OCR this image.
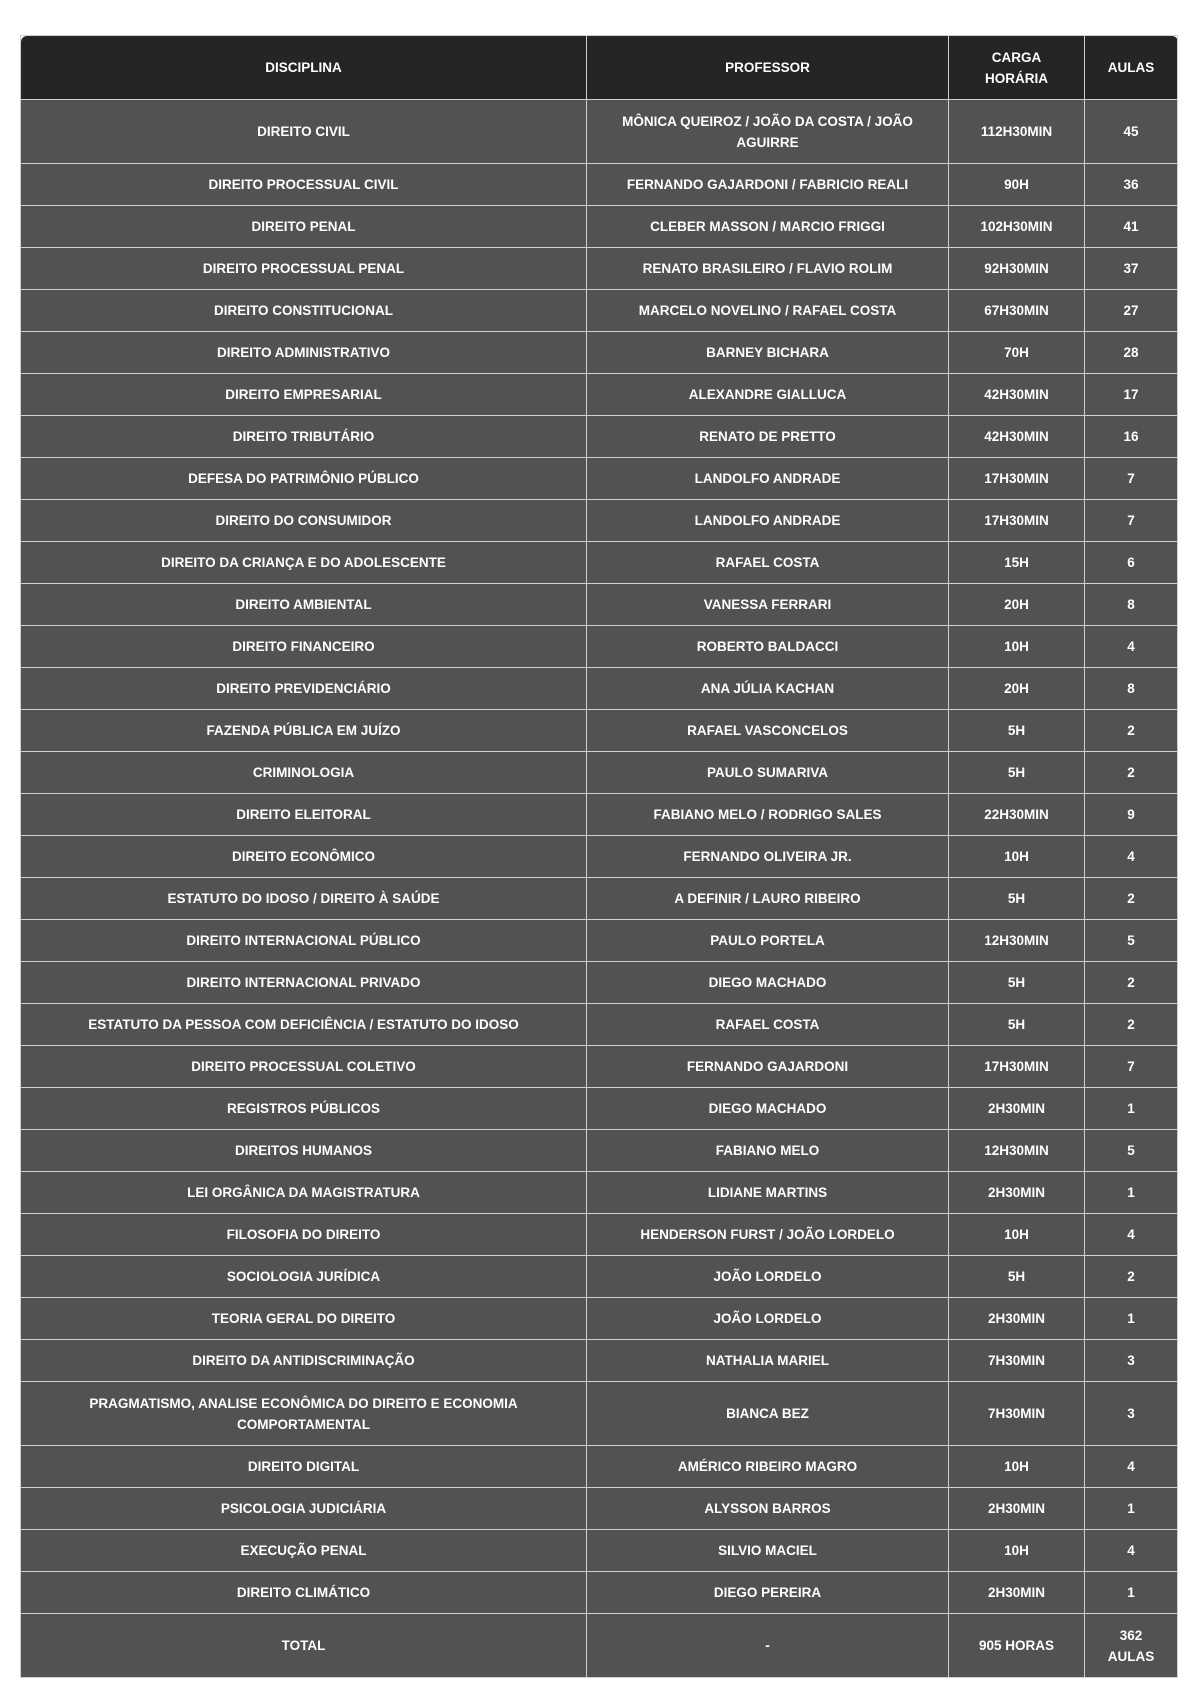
DISCIPLINA	PROFESSOR	CARGA HORÁRIA	AULAS
DIREITO CIVIL	MÔNICA QUEIROZ / JOÃO DA COSTA / JOÃO AGUIRRE	112H30MIN	45
DIREITO PROCESSUAL CIVIL	FERNANDO GAJARDONI / FABRICIO REALI	90H	36
DIREITO PENAL	CLEBER MASSON / MARCIO FRIGGI	102H30MIN	41
DIREITO PROCESSUAL PENAL	RENATO BRASILEIRO / FLAVIO ROLIM	92H30MIN	37
DIREITO CONSTITUCIONAL	MARCELO NOVELINO / RAFAEL COSTA	67H30MIN	27
DIREITO ADMINISTRATIVO	BARNEY BICHARA	70H	28
DIREITO EMPRESARIAL	ALEXANDRE GIALLUCA	42H30MIN	17
DIREITO TRIBUTÁRIO	RENATO DE PRETTO	42H30MIN	16
DEFESA DO PATRIMÔNIO PÚBLICO	LANDOLFO ANDRADE	17H30MIN	7
DIREITO DO CONSUMIDOR	LANDOLFO ANDRADE	17H30MIN	7
DIREITO DA CRIANÇA E DO ADOLESCENTE	RAFAEL COSTA	15H	6
DIREITO AMBIENTAL	VANESSA FERRARI	20H	8
DIREITO FINANCEIRO	ROBERTO BALDACCI	10H	4
DIREITO PREVIDENCIÁRIO	ANA JÚLIA KACHAN	20H	8
FAZENDA PÚBLICA EM JUÍZO	RAFAEL VASCONCELOS	5H	2
CRIMINOLOGIA	PAULO SUMARIVA	5H	2
DIREITO ELEITORAL	FABIANO MELO / RODRIGO SALES	22H30MIN	9
DIREITO ECONÔMICO	FERNANDO OLIVEIRA JR.	10H	4
ESTATUTO DO IDOSO / DIREITO À SAÚDE	A DEFINIR / LAURO RIBEIRO	5H	2
DIREITO INTERNACIONAL PÚBLICO	PAULO PORTELA	12H30MIN	5
DIREITO INTERNACIONAL PRIVADO	DIEGO MACHADO	5H	2
ESTATUTO DA PESSOA COM DEFICIÊNCIA / ESTATUTO DO IDOSO	RAFAEL COSTA	5H	2
DIREITO PROCESSUAL COLETIVO	FERNANDO GAJARDONI	17H30MIN	7
REGISTROS PÚBLICOS	DIEGO MACHADO	2H30MIN	1
DIREITOS HUMANOS	FABIANO MELO	12H30MIN	5
LEI ORGÂNICA DA MAGISTRATURA	LIDIANE MARTINS	2H30MIN	1
FILOSOFIA DO DIREITO	HENDERSON FURST / JOÃO LORDELO	10H	4
SOCIOLOGIA JURÍDICA	JOÃO LORDELO	5H	2
TEORIA GERAL DO DIREITO	JOÃO LORDELO	2H30MIN	1
DIREITO DA ANTIDISCRIMINAÇÃO	NATHALIA MARIEL	7H30MIN	3
PRAGMATISMO, ANALISE ECONÔMICA DO DIREITO E ECONOMIA COMPORTAMENTAL	BIANCA BEZ	7H30MIN	3
DIREITO DIGITAL	AMÉRICO RIBEIRO MAGRO	10H	4
PSICOLOGIA JUDICIÁRIA	ALYSSON BARROS	2H30MIN	1
EXECUÇÃO PENAL	SILVIO MACIEL	10H	4
DIREITO CLIMÁTICO	DIEGO PEREIRA	2H30MIN	1
TOTAL	-	905 HORAS	362 AULAS
